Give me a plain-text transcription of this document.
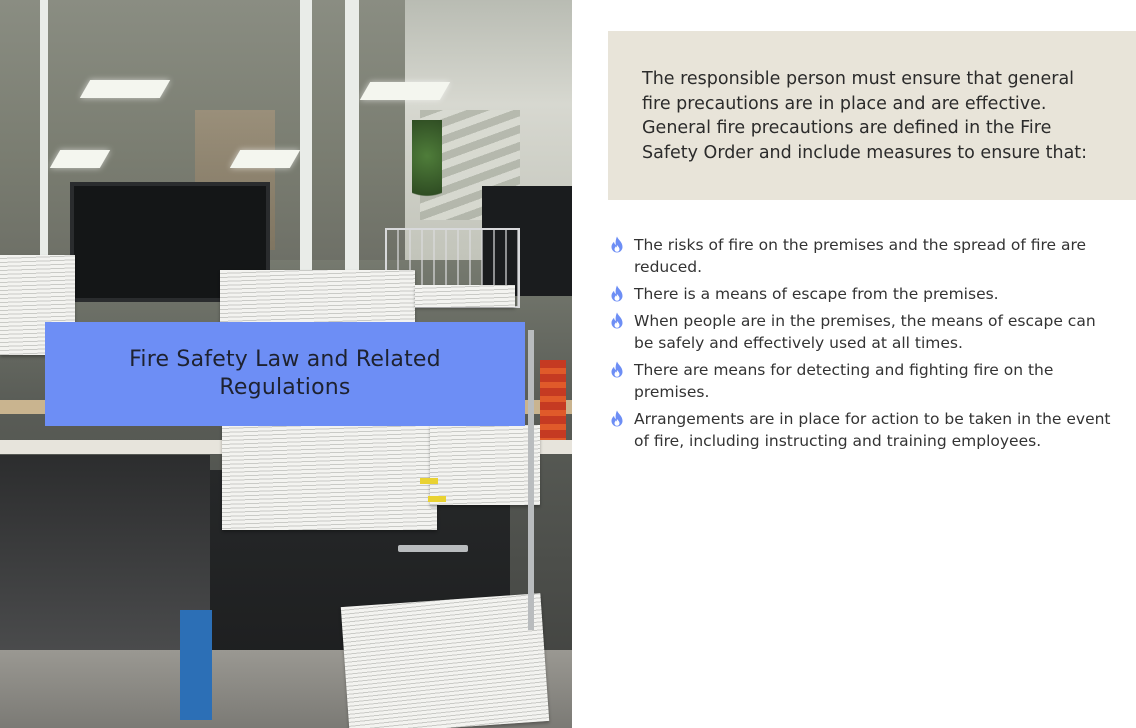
Fire Safety Law and Related Regulations

The responsible person must ensure that general fire precautions are in place and are effective. General fire precautions are defined in the Fire Safety Order and include measures to ensure that:

The risks of fire on the premises and the spread of fire are reduced.
There is a means of escape from the premises.
When people are in the premises, the means of escape can be safely and effectively used at all times.
There are means for detecting and fighting fire on the premises.
Arrangements are in place for action to be taken in the event of fire, including instructing and training employees.
